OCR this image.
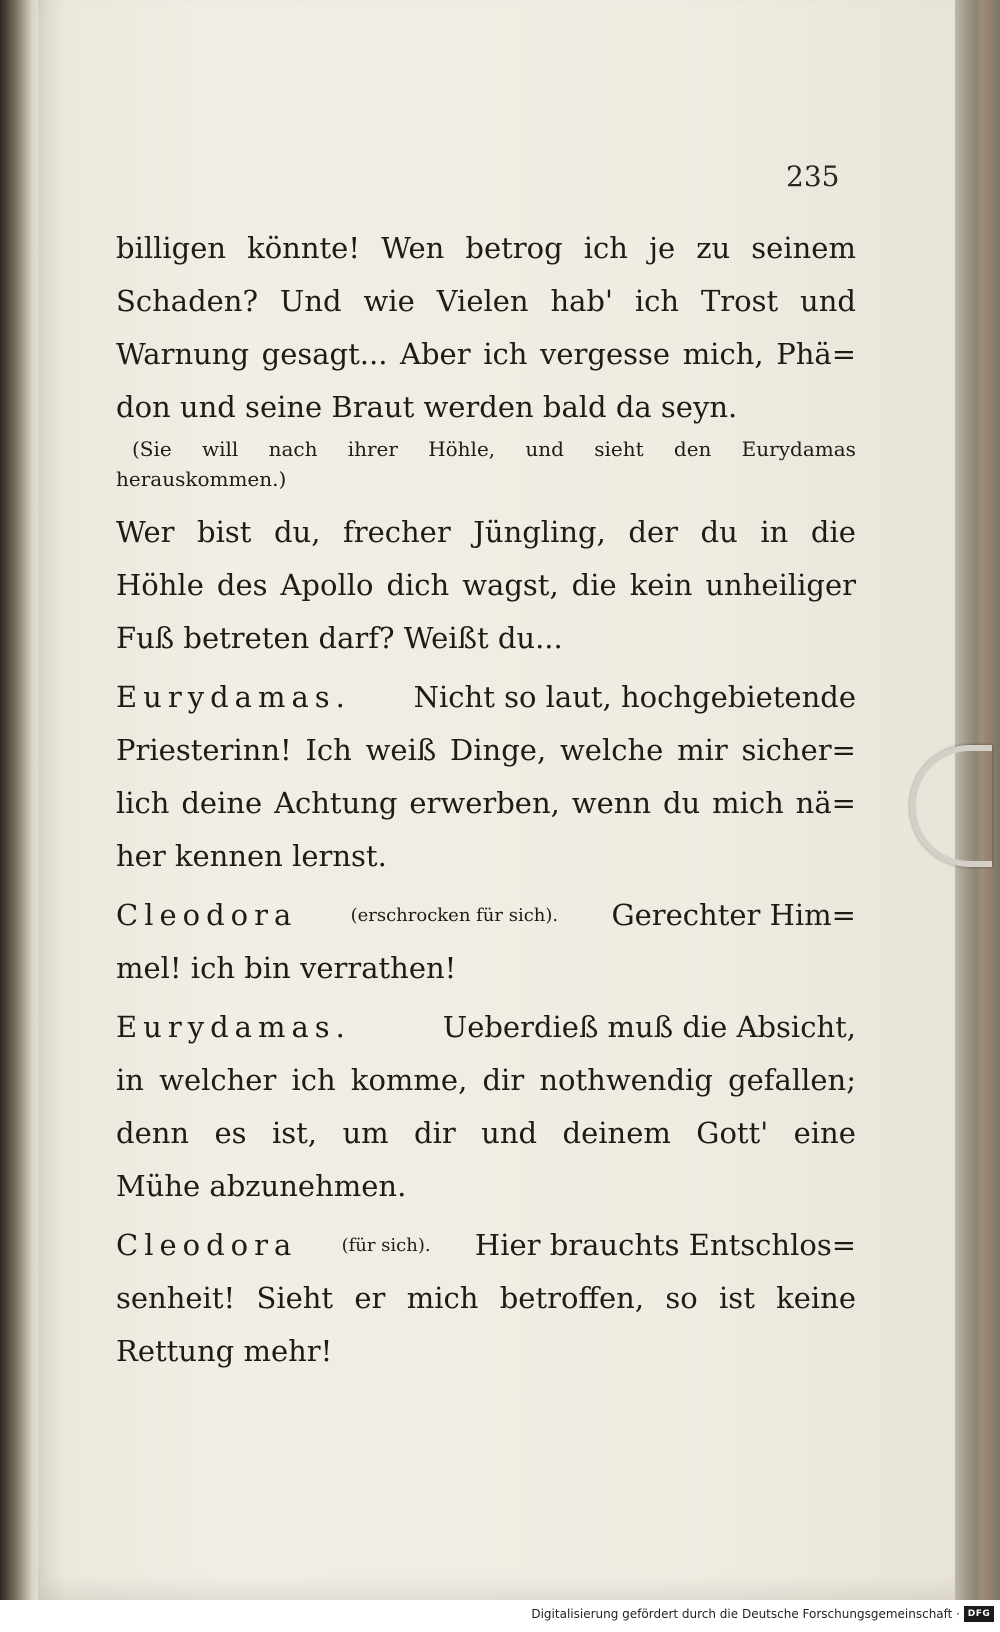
235
billigen könnte! Wen betrog ich je zu seinem
Schaden? Und wie Vielen hab' ich Trost und
Warnung gesagt... Aber ich vergesse mich, Phä=
don und seine Braut werden bald da seyn.
(Sie will nach ihrer Höhle, und sieht den Eurydamas
herauskommen.)
Wer bist du, frecher Jüngling, der du in die
Höhle des Apollo dich wagst, die kein unheiliger
Fuß betreten darf? Weißt du...
Eurydamas. Nicht so laut, hochgebietende
Priesterinn! Ich weiß Dinge, welche mir sicher=
lich deine Achtung erwerben, wenn du mich nä=
her kennen lernst.
Cleodora	(erschrocken für sich). Gerechter Him=
mel! ich bin verrathen!
Eurydamas.	Ueberdieß muß die Absicht,
in welcher ich komme, dir nothwendig gefallen;
denn es ist, um dir und deinem Gott' eine
Mühe abzunehmen.
Cleodora (für sich). Hier brauchts Entschlos=
senheit! Sieht er mich betroffen, so ist keine
Rettung mehr!
Digitalisierung gefördert durch die Deutsche Forschungsgemeinschaft · DFG
